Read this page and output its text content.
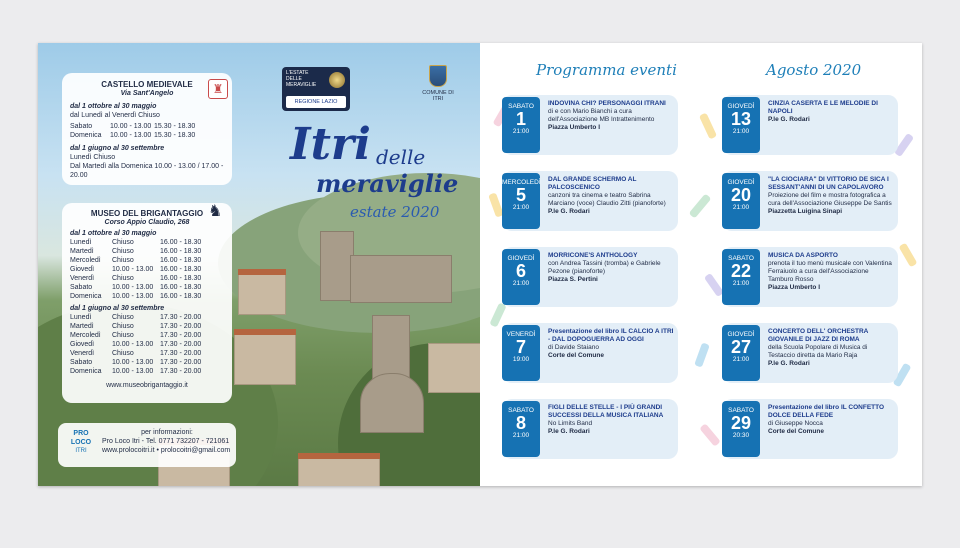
♜
CASTELLO MEDIEVALE
Via Sant'Angelo
dal 1 ottobre al 30 maggio
dal Lunedì al Venerdì Chiuso
Sabato	10.00 - 13.00 15.30 - 18.30
Domenica	10.00 - 13.00 15.30 - 18.30
dal 1 giugno al 30 settembre
Lunedì Chiuso
Dal Martedì alla Domenica 10.00 - 13.00 / 17.00 - 20.00
♞
MUSEO DEL BRIGANTAGGIO
Corso Appio Claudio, 268
dal 1 ottobre al 30 maggio
Lunedì	Chiuso	16.00 - 18.30
Martedì	Chiuso	16.00 - 18.30
Mercoledì	Chiuso	16.00 - 18.30
Giovedì	10.00 - 13.00 16.00 - 18.30
Venerdì	Chiuso	16.00 - 18.30
Sabato	10.00 - 13.00 16.00 - 18.30
Domenica	10.00 - 13.00 16.00 - 18.30
dal 1 giugno al 30 settembre
Lunedì	Chiuso	17.30 - 20.00
Martedì	Chiuso	17.30 - 20.00
Mercoledì	Chiuso	17.30 - 20.00
Giovedì	10.00 - 13.00 17.30 - 20.00
Venerdì	Chiuso	17.30 - 20.00
Sabato	10.00 - 13.00 17.30 - 20.00
Domenica	10.00 - 13.00 17.30 - 20.00
www.museobrigantaggio.it
PRO LOCO
ITRI
per informazioni:
Pro Loco Itri - Tel. 0771 732207 - 721061
www.prolocoitri.it • prolocoitri@gmail.com
L'ESTATE
DELLE
MERAVIGLIE
REGIONE LAZIO
COMUNE DI ITRI
Itri delle
meraviglie
estate 2020
Programma eventi	Agosto 2020
SABATO
1
21:00
INDOVINA CHI? PERSONAGGI ITRANI
di e con Mario Bianchi a cura dell'Associazione MB Intrattenimento
Piazza Umberto I
MERCOLEDÌ
5
21:00
DAL GRANDE SCHERMO AL PALCOSCENICO
canzoni tra cinema e teatro Sabrina Marciano (voce) Claudio Zitti (pianoforte)
P.le G. Rodari
GIOVEDÌ
6
21:00
MORRICONE'S ANTHOLOGY
con Andrea Tassini (tromba) e Gabriele Pezone (pianoforte)
Piazza S. Pertini
VENERDÌ
7
19:00
Presentazione del libro IL CALCIO A ITRI - DAL DOPOGUERRA AD OGGI
di Davide Staiano
Corte del Comune
SABATO
8
21:00
FIGLI DELLE STELLE - I PIÙ GRANDI SUCCESSI DELLA MUSICA ITALIANA
No Limits Band
P.le G. Rodari
GIOVEDÌ
13
21:00
CINZIA CASERTA E LE MELODIE DI NAPOLI
P.le G. Rodari
GIOVEDÌ
20
21:00
"LA CIOCIARA" DI VITTORIO DE SICA I SESSANT'ANNI DI UN CAPOLAVORO
Proiezione del film e mostra fotografica a cura dell'Associazione Giuseppe De Santis
Piazzetta Luigina Sinapi
SABATO
22
21:00
MUSICA DA ASPORTO
prenota il tuo menù musicale con Valentina Ferraiuolo a cura dell'Associazione Tamburo Rosso
Piazza Umberto I
GIOVEDÌ
27
21:00
CONCERTO DELL' ORCHESTRA GIOVANILE DI JAZZ DI ROMA
della Scuola Popolare di Musica di Testaccio diretta da Mario Raja
P.le G. Rodari
SABATO
29
20:30
Presentazione del libro IL CONFETTO DOLCE DELLA FEDE
di Giuseppe Nocca
Corte del Comune
